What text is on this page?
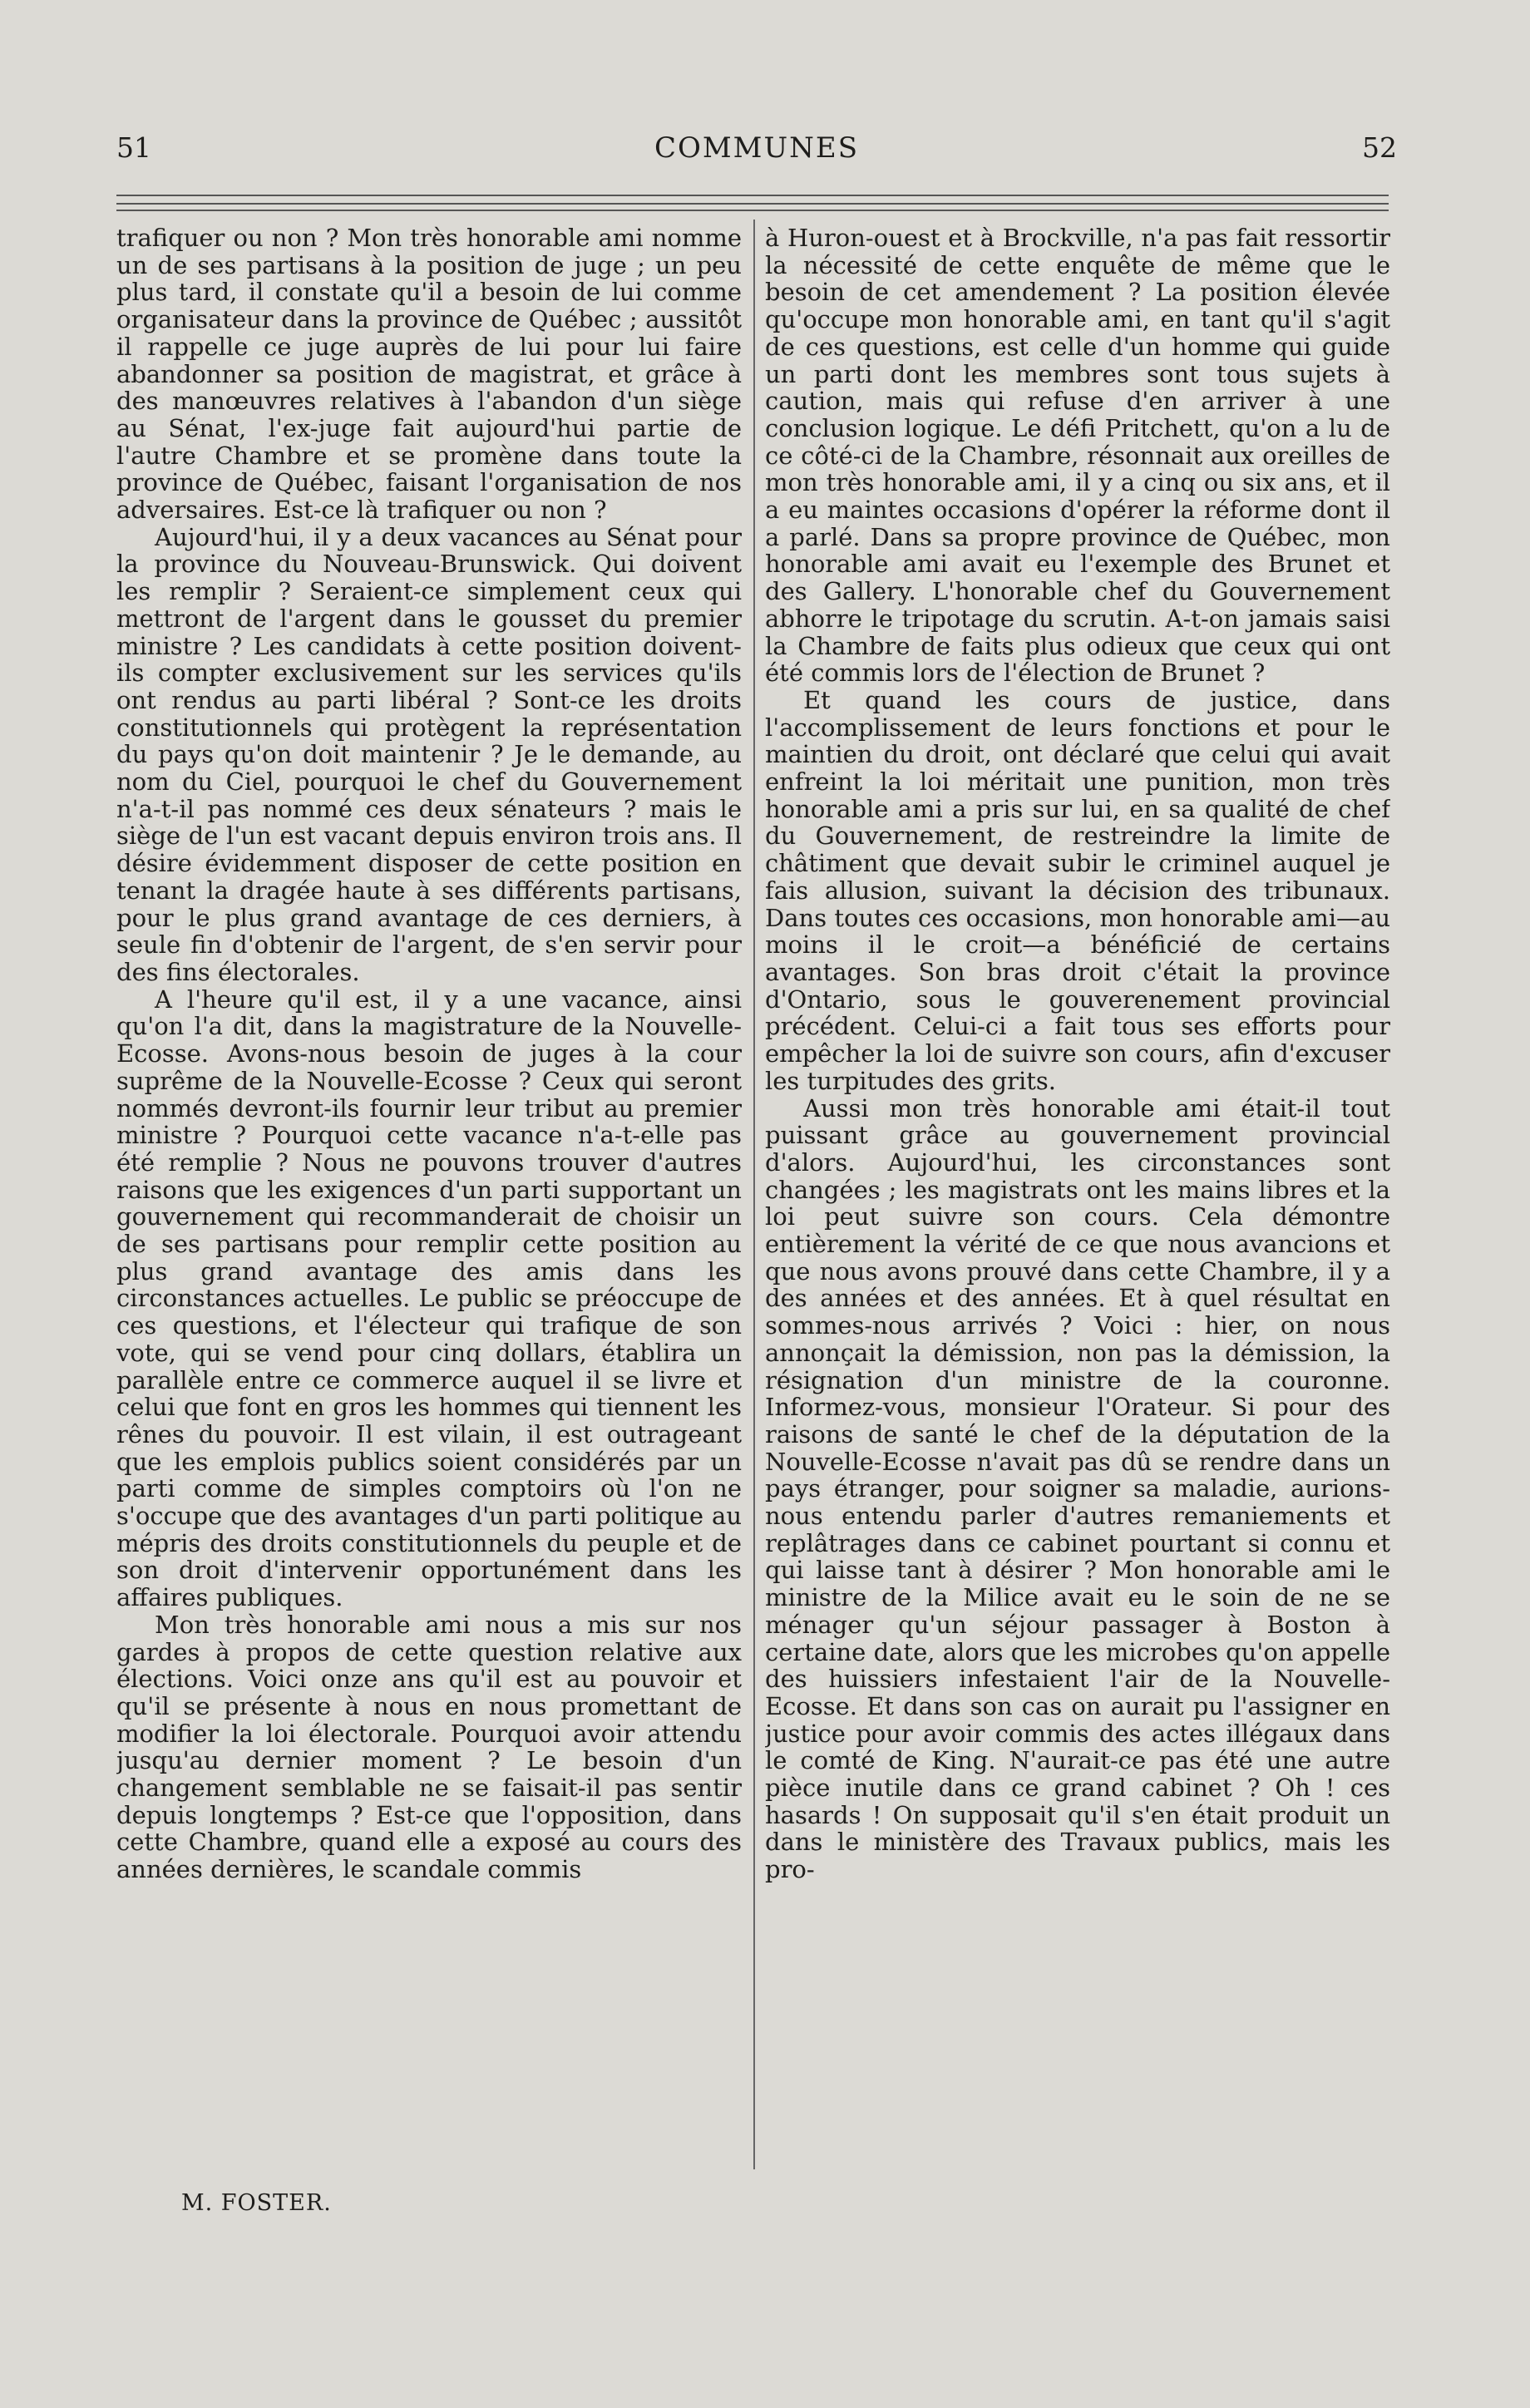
51	COMMUNES	52

trafiquer ou non ? Mon très honorable ami nomme un de ses partisans à la position de juge ; un peu plus tard, il constate qu'il a besoin de lui comme organisateur dans la province de Québec ; aussitôt il rappelle ce juge auprès de lui pour lui faire abandonner sa position de magistrat, et grâce à des manœuvres relatives à l'abandon d'un siège au Sénat, l'ex-juge fait aujourd'hui partie de l'autre Chambre et se promène dans toute la province de Québec, faisant l'organisation de nos adversaires. Est-ce là trafiquer ou non ?

Aujourd'hui, il y a deux vacances au Sénat pour la province du Nouveau-Brunswick. Qui doivent les remplir ? Seraient-ce simplement ceux qui mettront de l'argent dans le gousset du premier ministre ? Les candidats à cette position doivent-ils compter exclusivement sur les services qu'ils ont rendus au parti libéral ? Sont-ce les droits constitutionnels qui protègent la représentation du pays qu'on doit maintenir ? Je le demande, au nom du Ciel, pourquoi le chef du Gouvernement n'a-t-il pas nommé ces deux sénateurs ? mais le siège de l'un est vacant depuis environ trois ans. Il désire évidemment disposer de cette position en tenant la dragée haute à ses différents partisans, pour le plus grand avantage de ces derniers, à seule fin d'obtenir de l'argent, de s'en servir pour des fins électorales.

A l'heure qu'il est, il y a une vacance, ainsi qu'on l'a dit, dans la magistrature de la Nouvelle-Ecosse. Avons-nous besoin de juges à la cour suprême de la Nouvelle-Ecosse ? Ceux qui seront nommés devront-ils fournir leur tribut au premier ministre ? Pourquoi cette vacance n'a-t-elle pas été remplie ? Nous ne pouvons trouver d'autres raisons que les exigences d'un parti supportant un gouvernement qui recommanderait de choisir un de ses partisans pour remplir cette position au plus grand avantage des amis dans les circonstances actuelles. Le public se préoccupe de ces questions, et l'électeur qui trafique de son vote, qui se vend pour cinq dollars, établira un parallèle entre ce commerce auquel il se livre et celui que font en gros les hommes qui tiennent les rênes du pouvoir. Il est vilain, il est outrageant que les emplois publics soient considérés par un parti comme de simples comptoirs où l'on ne s'occupe que des avantages d'un parti politique au mépris des droits constitutionnels du peuple et de son droit d'intervenir opportunément dans les affaires publiques.

Mon très honorable ami nous a mis sur nos gardes à propos de cette question relative aux élections. Voici onze ans qu'il est au pouvoir et qu'il se présente à nous en nous promettant de modifier la loi électorale. Pourquoi avoir attendu jusqu'au dernier moment ? Le besoin d'un changement semblable ne se faisait-il pas sentir depuis longtemps ? Est-ce que l'opposition, dans cette Chambre, quand elle a exposé au cours des années dernières, le scandale commis

à Huron-ouest et à Brockville, n'a pas fait ressortir la nécessité de cette enquête de même que le besoin de cet amendement ? La position élevée qu'occupe mon honorable ami, en tant qu'il s'agit de ces questions, est celle d'un homme qui guide un parti dont les membres sont tous sujets à caution, mais qui refuse d'en arriver à une conclusion logique. Le défi Pritchett, qu'on a lu de ce côté-ci de la Chambre, résonnait aux oreilles de mon très honorable ami, il y a cinq ou six ans, et il a eu maintes occasions d'opérer la réforme dont il a parlé. Dans sa propre province de Québec, mon honorable ami avait eu l'exemple des Brunet et des Gallery. L'honorable chef du Gouvernement abhorre le tripotage du scrutin. A-t-on jamais saisi la Chambre de faits plus odieux que ceux qui ont été commis lors de l'élection de Brunet ?

Et quand les cours de justice, dans l'accomplissement de leurs fonctions et pour le maintien du droit, ont déclaré que celui qui avait enfreint la loi méritait une punition, mon très honorable ami a pris sur lui, en sa qualité de chef du Gouvernement, de restreindre la limite de châtiment que devait subir le criminel auquel je fais allusion, suivant la décision des tribunaux. Dans toutes ces occasions, mon honorable ami—au moins il le croit—a bénéficié de certains avantages. Son bras droit c'était la province d'Ontario, sous le gouverenement provincial précédent. Celui-ci a fait tous ses efforts pour empêcher la loi de suivre son cours, afin d'excuser les turpitudes des grits.

Aussi mon très honorable ami était-il tout puissant grâce au gouvernement provincial d'alors. Aujourd'hui, les circonstances sont changées ; les magistrats ont les mains libres et la loi peut suivre son cours. Cela démontre entièrement la vérité de ce que nous avancions et que nous avons prouvé dans cette Chambre, il y a des années et des années. Et à quel résultat en sommes-nous arrivés ? Voici : hier, on nous annonçait la démission, non pas la démission, la résignation d'un ministre de la couronne. Informez-vous, monsieur l'Orateur. Si pour des raisons de santé le chef de la députation de la Nouvelle-Ecosse n'avait pas dû se rendre dans un pays étranger, pour soigner sa maladie, aurions-nous entendu parler d'autres remaniements et replâtrages dans ce cabinet pourtant si connu et qui laisse tant à désirer ? Mon honorable ami le ministre de la Milice avait eu le soin de ne se ménager qu'un séjour passager à Boston à certaine date, alors que les microbes qu'on appelle des huissiers infestaient l'air de la Nouvelle-Ecosse. Et dans son cas on aurait pu l'assigner en justice pour avoir commis des actes illégaux dans le comté de King. N'aurait-ce pas été une autre pièce inutile dans ce grand cabinet ? Oh ! ces hasards ! On supposait qu'il s'en était produit un dans le ministère des Travaux publics, mais les pro-

M. FOSTER.
